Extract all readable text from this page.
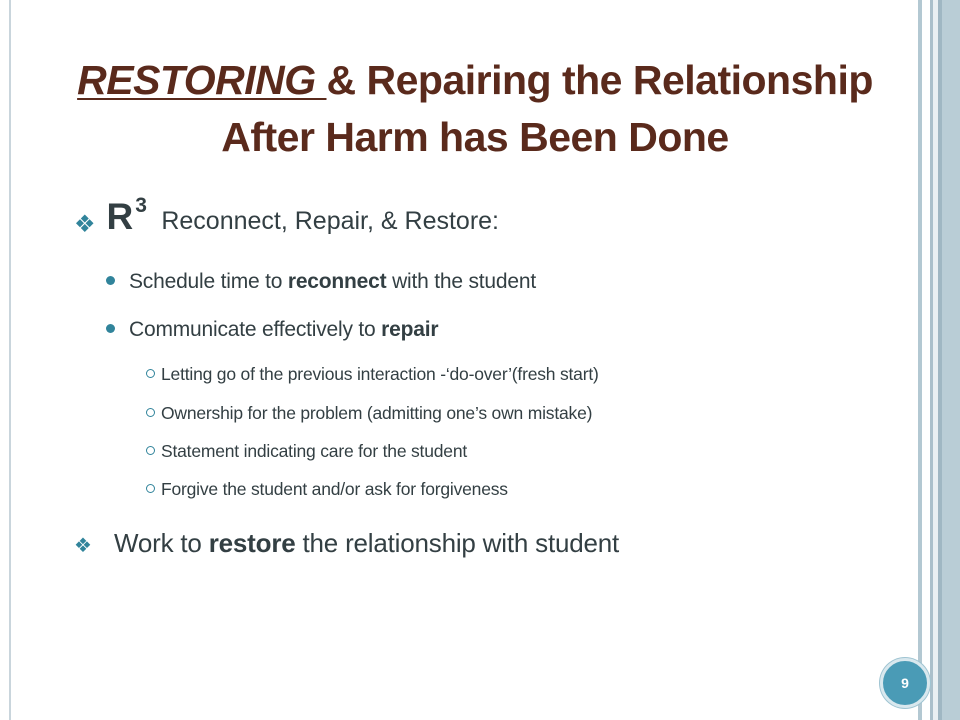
RESTORING & Repairing the Relationship
After Harm has Been Done
❖ $R^3$ Reconnect, Repair, & Restore:
Schedule time to reconnect with the student
Communicate effectively to repair
Letting go of the previous interaction -‘do-over’(fresh start)
Ownership for the problem (admitting one’s own mistake)
Statement indicating care for the student
Forgive the student and/or ask for forgiveness
❖ Work to restore the relationship with student
9
